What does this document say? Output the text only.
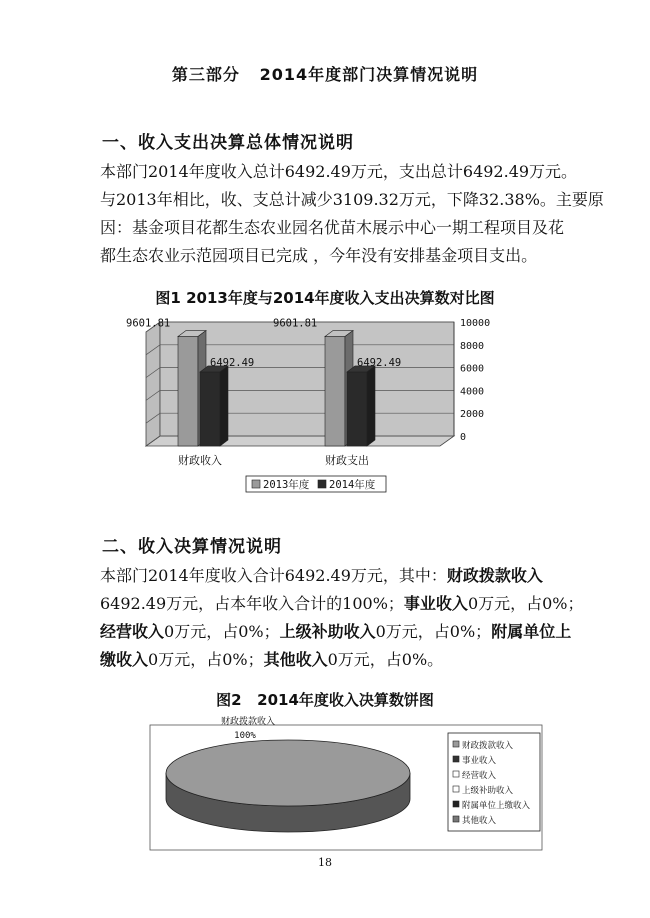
第三部分   2014年度部门决算情况说明
一、收入支出决算总体情况说明

本部门2014年度收入总计6492.49万元，支出总计6492.49万元。
与2013年相比，收、支总计减少3109.32万元，下降32.38%。主要原
因：基金项目花都生态农业园名优苗木展示中心一期工程项目及花
都生态农业示范园项目已完成 ，今年没有安排基金项目支出。

图1 2013年度与2014年度收入支出决算数对比图
0
2000
4000
6000
8000
10000
9601.81
6492.49
9601.81
6492.49
财政收入	财政支出
2013年度 2014年度
二、收入决算情况说明

本部门2014年度收入合计6492.49万元，其中：财政拨款收入
6492.49万元，占本年收入合计的100%；事业收入0万元，占0%；
经营收入0万元，占0%；上级补助收入0万元，占0%；附属单位上
缴收入0万元，占0%；其他收入0万元，占0%。

图2   2014年度收入决算数饼图
财政拨款收入
100%
财政拨款收入
事业收入
经营收入
上级补助收入
附属单位上缴收入
其他收入
18
